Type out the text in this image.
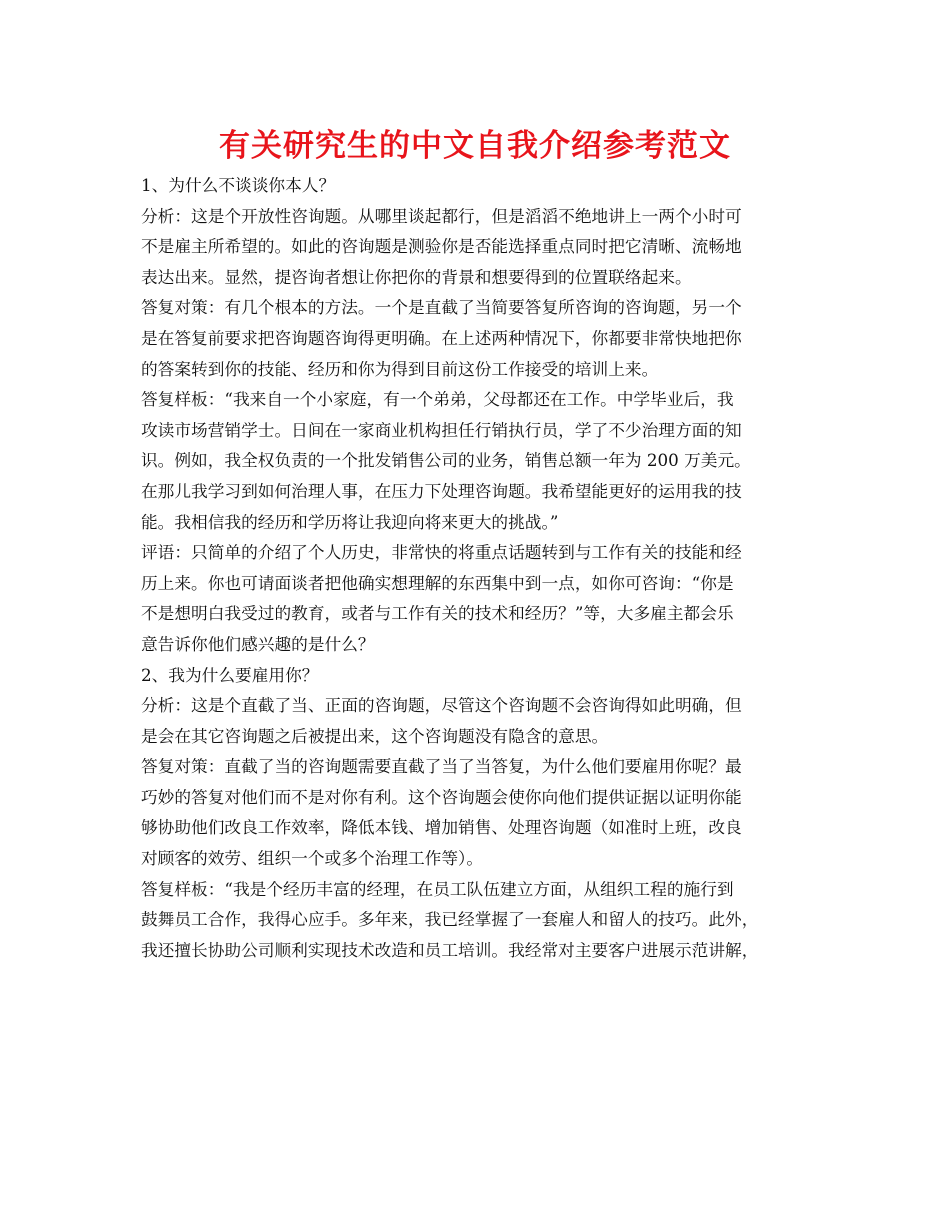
有关研究生的中文自我介绍参考范文

1、为什么不谈谈你本人？

分析：这是个开放性咨询题。从哪里谈起都行，但是滔滔不绝地讲上一两个小时可

不是雇主所希望的。如此的咨询题是测验你是否能选择重点同时把它清晰、流畅地

表达出来。显然，提咨询者想让你把你的背景和想要得到的位置联络起来。

答复对策：有几个根本的方法。一个是直截了当简要答复所咨询的咨询题，另一个

是在答复前要求把咨询题咨询得更明确。在上述两种情况下，你都要非常快地把你

的答案转到你的技能、经历和你为得到目前这份工作接受的培训上来。

答复样板：“我来自一个小家庭，有一个弟弟，父母都还在工作。中学毕业后，我

攻读市场营销学士。日间在一家商业机构担任行销执行员，学了不少治理方面的知

识。例如，我全权负责的一个批发销售公司的业务，销售总额一年为 200 万美元。

在那儿我学习到如何治理人事，在压力下处理咨询题。我希望能更好的运用我的技

能。我相信我的经历和学历将让我迎向将来更大的挑战。”

评语：只简单的介绍了个人历史，非常快的将重点话题转到与工作有关的技能和经

历上来。你也可请面谈者把他确实想理解的东西集中到一点，如你可咨询：“你是

不是想明白我受过的教育，或者与工作有关的技术和经历？”等，大多雇主都会乐

意告诉你他们感兴趣的是什么？

2、我为什么要雇用你？

分析：这是个直截了当、正面的咨询题，尽管这个咨询题不会咨询得如此明确，但

是会在其它咨询题之后被提出来，这个咨询题没有隐含的意思。

答复对策：直截了当的咨询题需要直截了当了当答复，为什么他们要雇用你呢？最

巧妙的答复对他们而不是对你有利。这个咨询题会使你向他们提供证据以证明你能

够协助他们改良工作效率，降低本钱、增加销售、处理咨询题（如准时上班，改良

对顾客的效劳、组织一个或多个治理工作等）。

答复样板：“我是个经历丰富的经理，在员工队伍建立方面，从组织工程的施行到

鼓舞员工合作，我得心应手。多年来，我已经掌握了一套雇人和留人的技巧。此外，

我还擅长协助公司顺利实现技术改造和员工培训。我经常对主要客户进展示范讲解，
